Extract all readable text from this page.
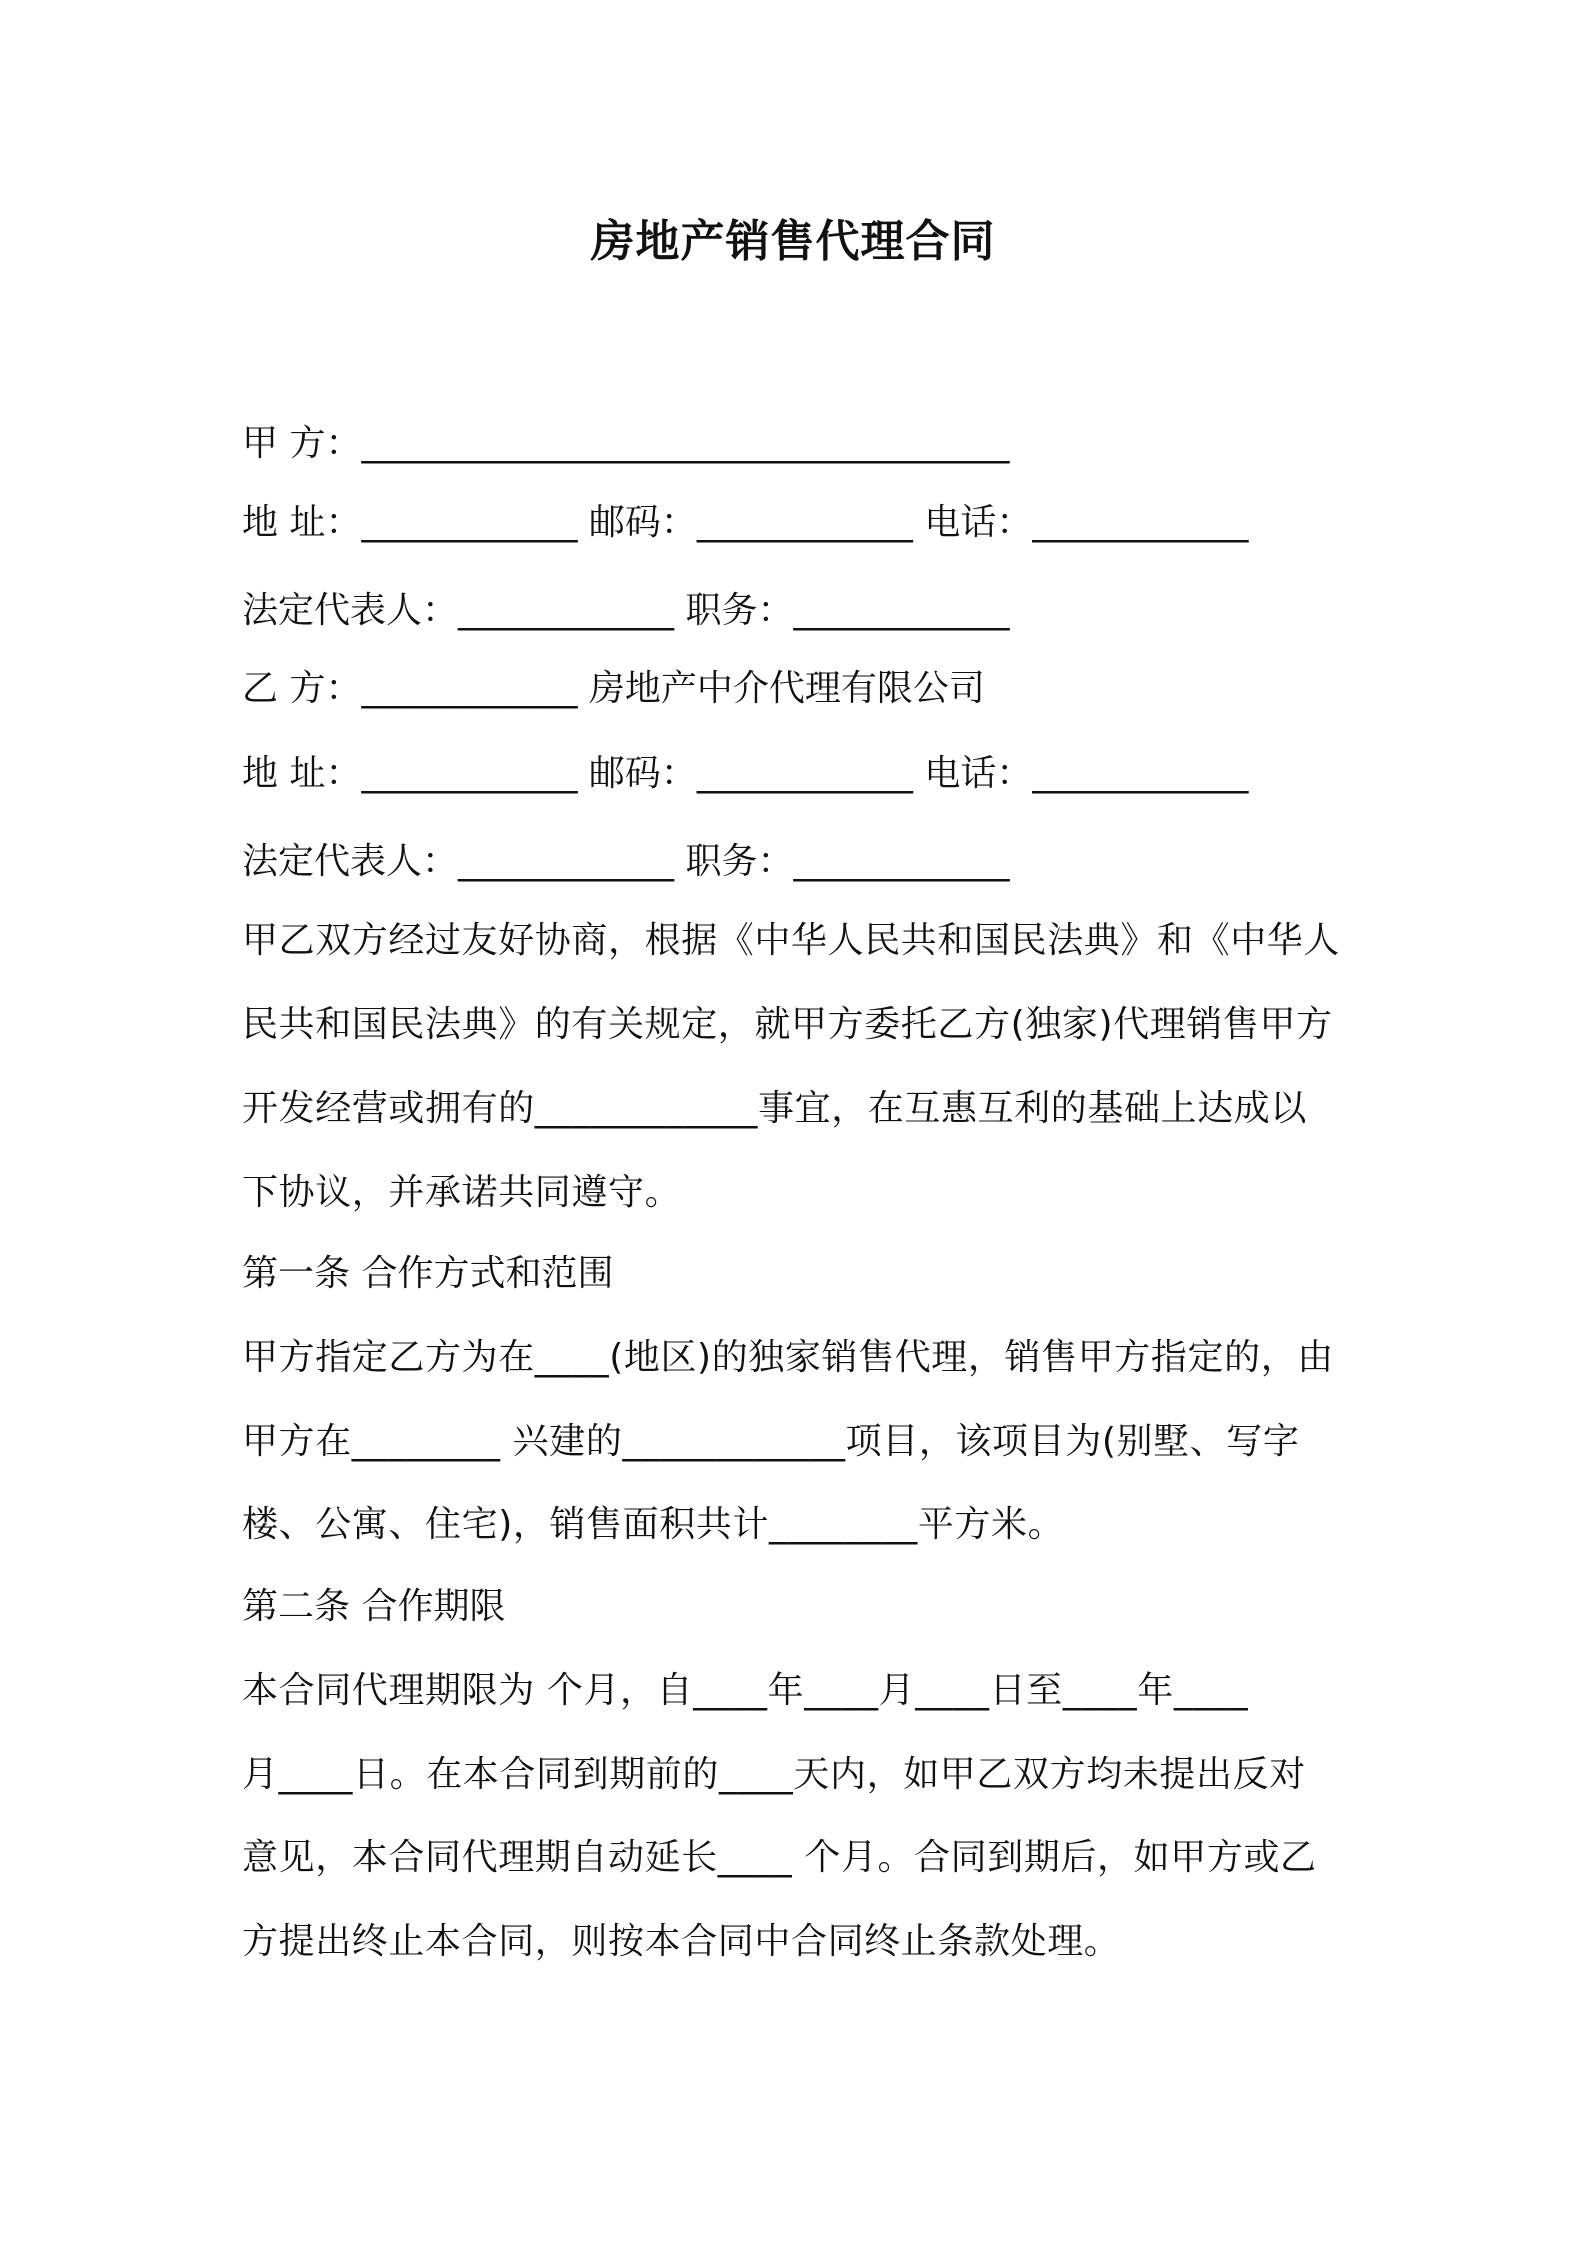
房地产销售代理合同
甲 方：____________________________________
地 址：____________ 邮码：____________ 电话：____________
法定代表人：____________ 职务：____________
乙 方：____________ 房地产中介代理有限公司
地 址：____________ 邮码：____________ 电话：____________
法定代表人：____________ 职务：____________
甲乙双方经过友好协商，根据《中华人民共和国民法典》和《中华人
民共和国民法典》的有关规定，就甲方委托乙方(独家)代理销售甲方
开发经营或拥有的____________事宜，在互惠互利的基础上达成以
下协议，并承诺共同遵守。
第一条 合作方式和范围
甲方指定乙方为在____(地区)的独家销售代理，销售甲方指定的，由
甲方在________ 兴建的____________项目，该项目为(别墅、写字
楼、公寓、住宅)，销售面积共计________平方米。
第二条 合作期限
本合同代理期限为 个月，自____年____月____日至____年____
月____日。在本合同到期前的____天内，如甲乙双方均未提出反对
意见，本合同代理期自动延长____ 个月。合同到期后，如甲方或乙
方提出终止本合同，则按本合同中合同终止条款处理。
